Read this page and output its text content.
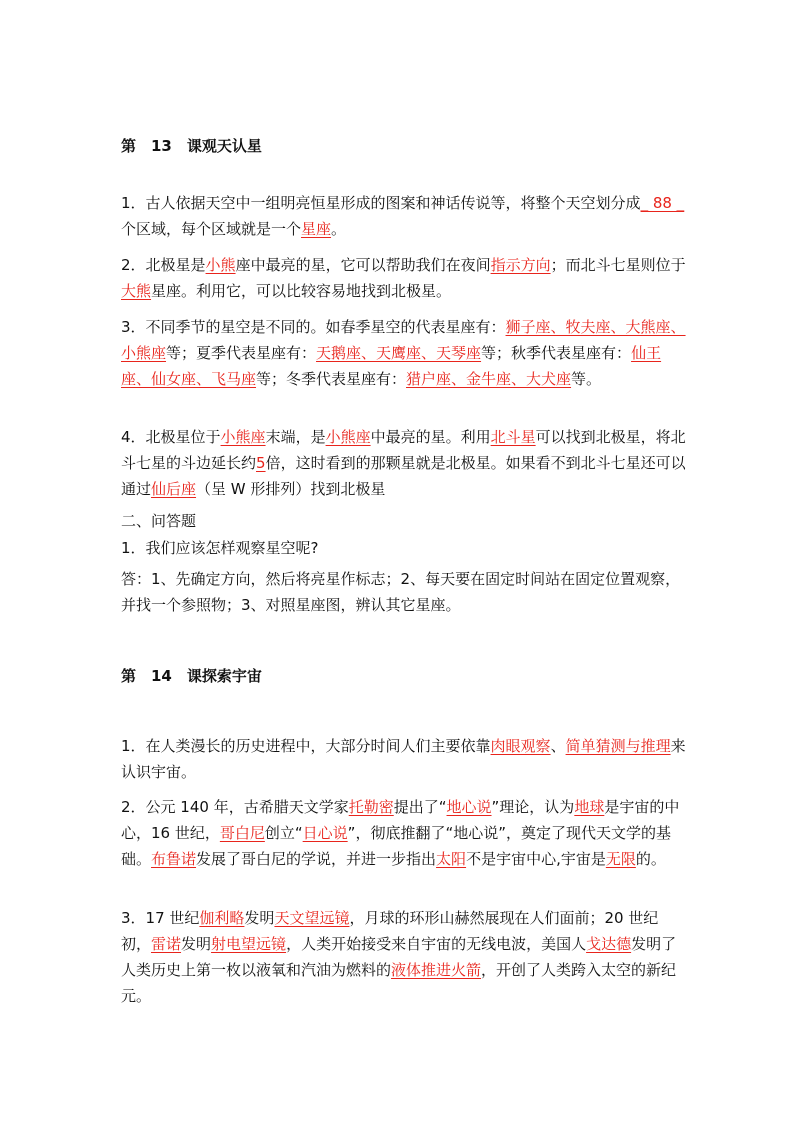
第　13　课观天认星
1．古人依据天空中一组明亮恒星形成的图案和神话传说等，将整个天空划分成_ 88 _个区域，每个区域就是一个星座。
2．北极星是小熊座中最亮的星，它可以帮助我们在夜间指示方向；而北斗七星则位于大熊星座。利用它，可以比较容易地找到北极星。
3．不同季节的星空是不同的。如春季星空的代表星座有：狮子座、牧夫座、大熊座、小熊座等；夏季代表星座有：天鹅座、天鹰座、天琴座等；秋季代表星座有：仙王座、仙女座、飞马座等；冬季代表星座有：猎户座、金牛座、大犬座等。
4．北极星位于小熊座末端，是小熊座中最亮的星。利用北斗星可以找到北极星，将北斗七星的斗边延长约5倍，这时看到的那颗星就是北极星。如果看不到北斗七星还可以通过仙后座（呈 W 形排列）找到北极星
二、问答题
1．我们应该怎样观察星空呢?
答：1、先确定方向，然后将亮星作标志；2、每天要在固定时间站在固定位置观察，并找一个参照物；3、对照星座图，辨认其它星座。
第　14　课探索宇宙
1．在人类漫长的历史进程中，大部分时间人们主要依靠肉眼观察、简单猜测与推理来认识宇宙。
2．公元 140 年，古希腊天文学家托勒密提出了“地心说”理论，认为地球是宇宙的中心，16 世纪，哥白尼创立“日心说”，彻底推翻了“地心说”，奠定了现代天文学的基础。布鲁诺发展了哥白尼的学说，并进一步指出太阳不是宇宙中心,宇宙是无限的。
3．17 世纪伽利略发明天文望远镜，月球的环形山赫然展现在人们面前；20 世纪初，雷诺发明射电望远镜，人类开始接受来自宇宙的无线电波，美国人戈达德发明了人类历史上第一枚以液氧和汽油为燃料的液体推进火箭，开创了人类跨入太空的新纪元。
